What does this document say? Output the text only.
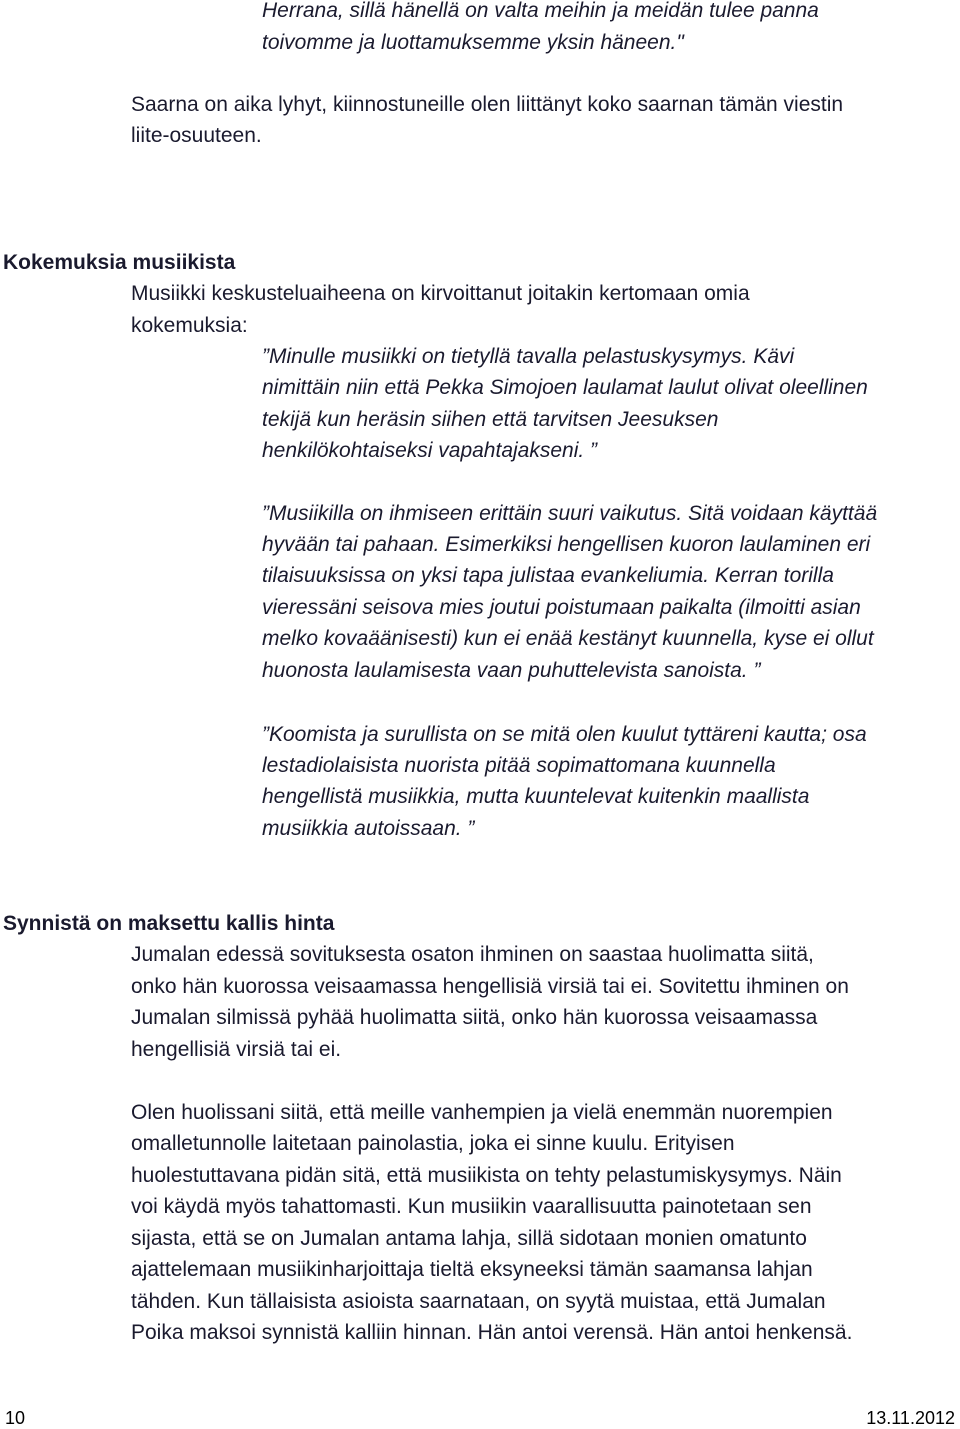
Herrana, sillä hänellä on valta meihin ja meidän tulee panna
toivomme ja luottamuksemme yksin häneen."
Saarna on aika lyhyt, kiinnostuneille olen liittänyt koko saarnan tämän viestin
liite-osuuteen.
Kokemuksia musiikista
Musiikki keskusteluaiheena on kirvoittanut joitakin kertomaan omia
kokemuksia:
”Minulle musiikki on tietyllä tavalla pelastuskysymys. Kävi
nimittäin niin että Pekka Simojoen laulamat laulut olivat oleellinen
tekijä kun heräsin siihen että tarvitsen Jeesuksen
henkilökohtaiseksi vapahtajakseni. ”
”Musiikilla on ihmiseen erittäin suuri vaikutus. Sitä voidaan käyttää
hyvään tai pahaan. Esimerkiksi hengellisen kuoron laulaminen eri
tilaisuuksissa on yksi tapa julistaa evankeliumia. Kerran torilla
vieressäni seisova mies joutui poistumaan paikalta (ilmoitti asian
melko kovaäänisesti) kun ei enää kestänyt kuunnella, kyse ei ollut
huonosta laulamisesta vaan puhuttelevista sanoista. ”
”Koomista ja surullista on se mitä olen kuulut tyttäreni kautta; osa
lestadiolaisista nuorista pitää sopimattomana kuunnella
hengellistä musiikkia, mutta kuuntelevat kuitenkin maallista
musiikkia autoissaan. ”
Synnistä on maksettu kallis hinta
Jumalan edessä sovituksesta osaton ihminen on saastaa huolimatta siitä,
onko hän kuorossa veisaamassa hengellisiä virsiä tai ei. Sovitettu ihminen on
Jumalan silmissä pyhää huolimatta siitä, onko hän kuorossa veisaamassa
hengellisiä virsiä tai ei.
Olen huolissani siitä, että meille vanhempien ja vielä enemmän nuorempien
omalletunnolle laitetaan painolastia, joka ei sinne kuulu. Erityisen
huolestuttavana pidän sitä, että musiikista on tehty pelastumiskysymys. Näin
voi käydä myös tahattomasti. Kun musiikin vaarallisuutta painotetaan sen
sijasta, että se on Jumalan antama lahja, sillä sidotaan monien omatunto
ajattelemaan musiikinharjoittaja tieltä eksyneeksi tämän saamansa lahjan
tähden. Kun tällaisista asioista saarnataan, on syytä muistaa, että Jumalan
Poika maksoi synnistä kalliin hinnan. Hän antoi verensä. Hän antoi henkensä.
10	13.11.2012
